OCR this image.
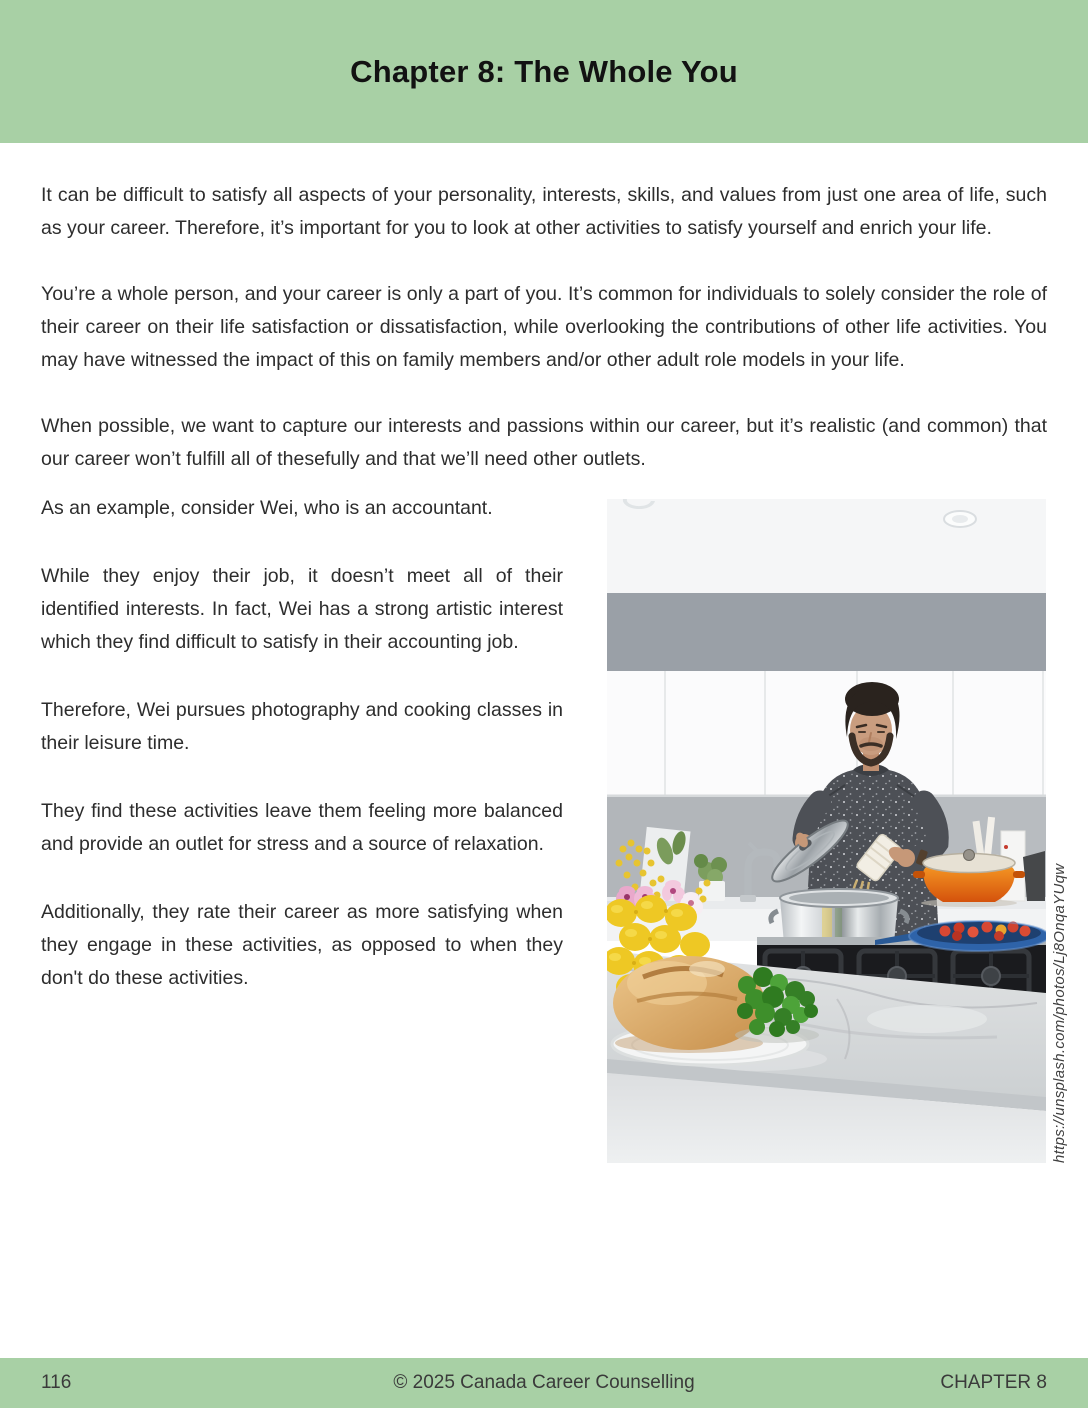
Chapter 8: The Whole You

It can be difficult to satisfy all aspects of your personality, interests, skills, and values from just one area of life, such as your career. Therefore, it’s important for you to look at other activities to satisfy yourself and enrich your life.

You’re a whole person, and your career is only a part of you. It’s common for individuals to solely consider the role of their career on their life satisfaction or dissatisfaction, while overlooking the contributions of other life activities. You may have witnessed the impact of this on family members and/or other adult role models in your life.

When possible, we want to capture our interests and passions within our career, but it’s realistic (and common) that our career won’t fulfill all of thesefully and that we’ll need other outlets.

As an example, consider Wei, who is an accountant.

While they enjoy their job, it doesn’t meet all of their identified interests. In fact, Wei has a strong artistic interest which they find difficult to satisfy in their accounting job.

Therefore, Wei pursues photography and cooking classes in their leisure time.

They find these activities leave them feeling more balanced and provide an outlet for stress and a source of relaxation.

Additionally, they rate their career as more satisfying when they engage in these activities, as opposed to when they don't do these activities.	https://unsplash.com/photos/Lj8OnqaYUqw
116	© 2025 Canada Career Counselling	CHAPTER 8
